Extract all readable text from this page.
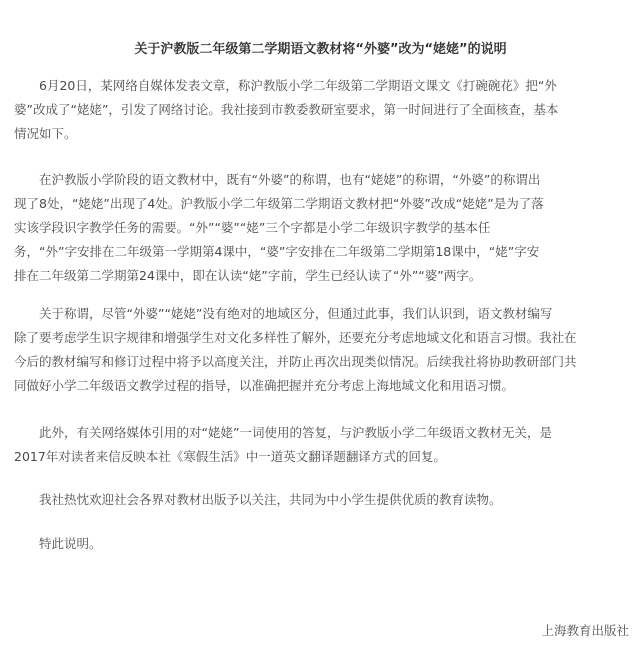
关于沪教版二年级第二学期语文教材将“外婆”改为“姥姥”的说明

　　6月20日，某网络自媒体发表文章，称沪教版小学二年级第二学期语文课文《打碗碗花》把“外
婆”改成了“姥姥”，引发了网络讨论。我社接到市教委教研室要求，第一时间进行了全面核查，基本
情况如下。

　　在沪教版小学阶段的语文教材中，既有“外婆”的称谓，也有“姥姥”的称谓，“外婆”的称谓出
现了8处，“姥姥”出现了4处。沪教版小学二年级第二学期语文教材把“外婆”改成“姥姥”是为了落
实该学段识字教学任务的需要。“外”“婆”“姥”三个字都是小学二年级识字教学的基本任
务，“外”字安排在二年级第一学期第4课中，“婆”字安排在二年级第二学期第18课中，“姥”字安
排在二年级第二学期第24课中，即在认读“姥”字前，学生已经认读了“外”“婆”两字。

　　关于称谓，尽管“外婆”“姥姥”没有绝对的地域区分，但通过此事，我们认识到，语文教材编写
除了要考虑学生识字规律和增强学生对文化多样性了解外，还要充分考虑地域文化和语言习惯。我社在
今后的教材编写和修订过程中将予以高度关注，并防止再次出现类似情况。后续我社将协助教研部门共
同做好小学二年级语文教学过程的指导，以准确把握并充分考虑上海地域文化和用语习惯。

　　此外，有关网络媒体引用的对“姥姥”一词使用的答复，与沪教版小学二年级语文教材无关，是
2017年对读者来信反映本社《寒假生活》中一道英文翻译题翻译方式的回复。

　　我社热忱欢迎社会各界对教材出版予以关注，共同为中小学生提供优质的教育读物。

　　特此说明。

上海教育出版社
